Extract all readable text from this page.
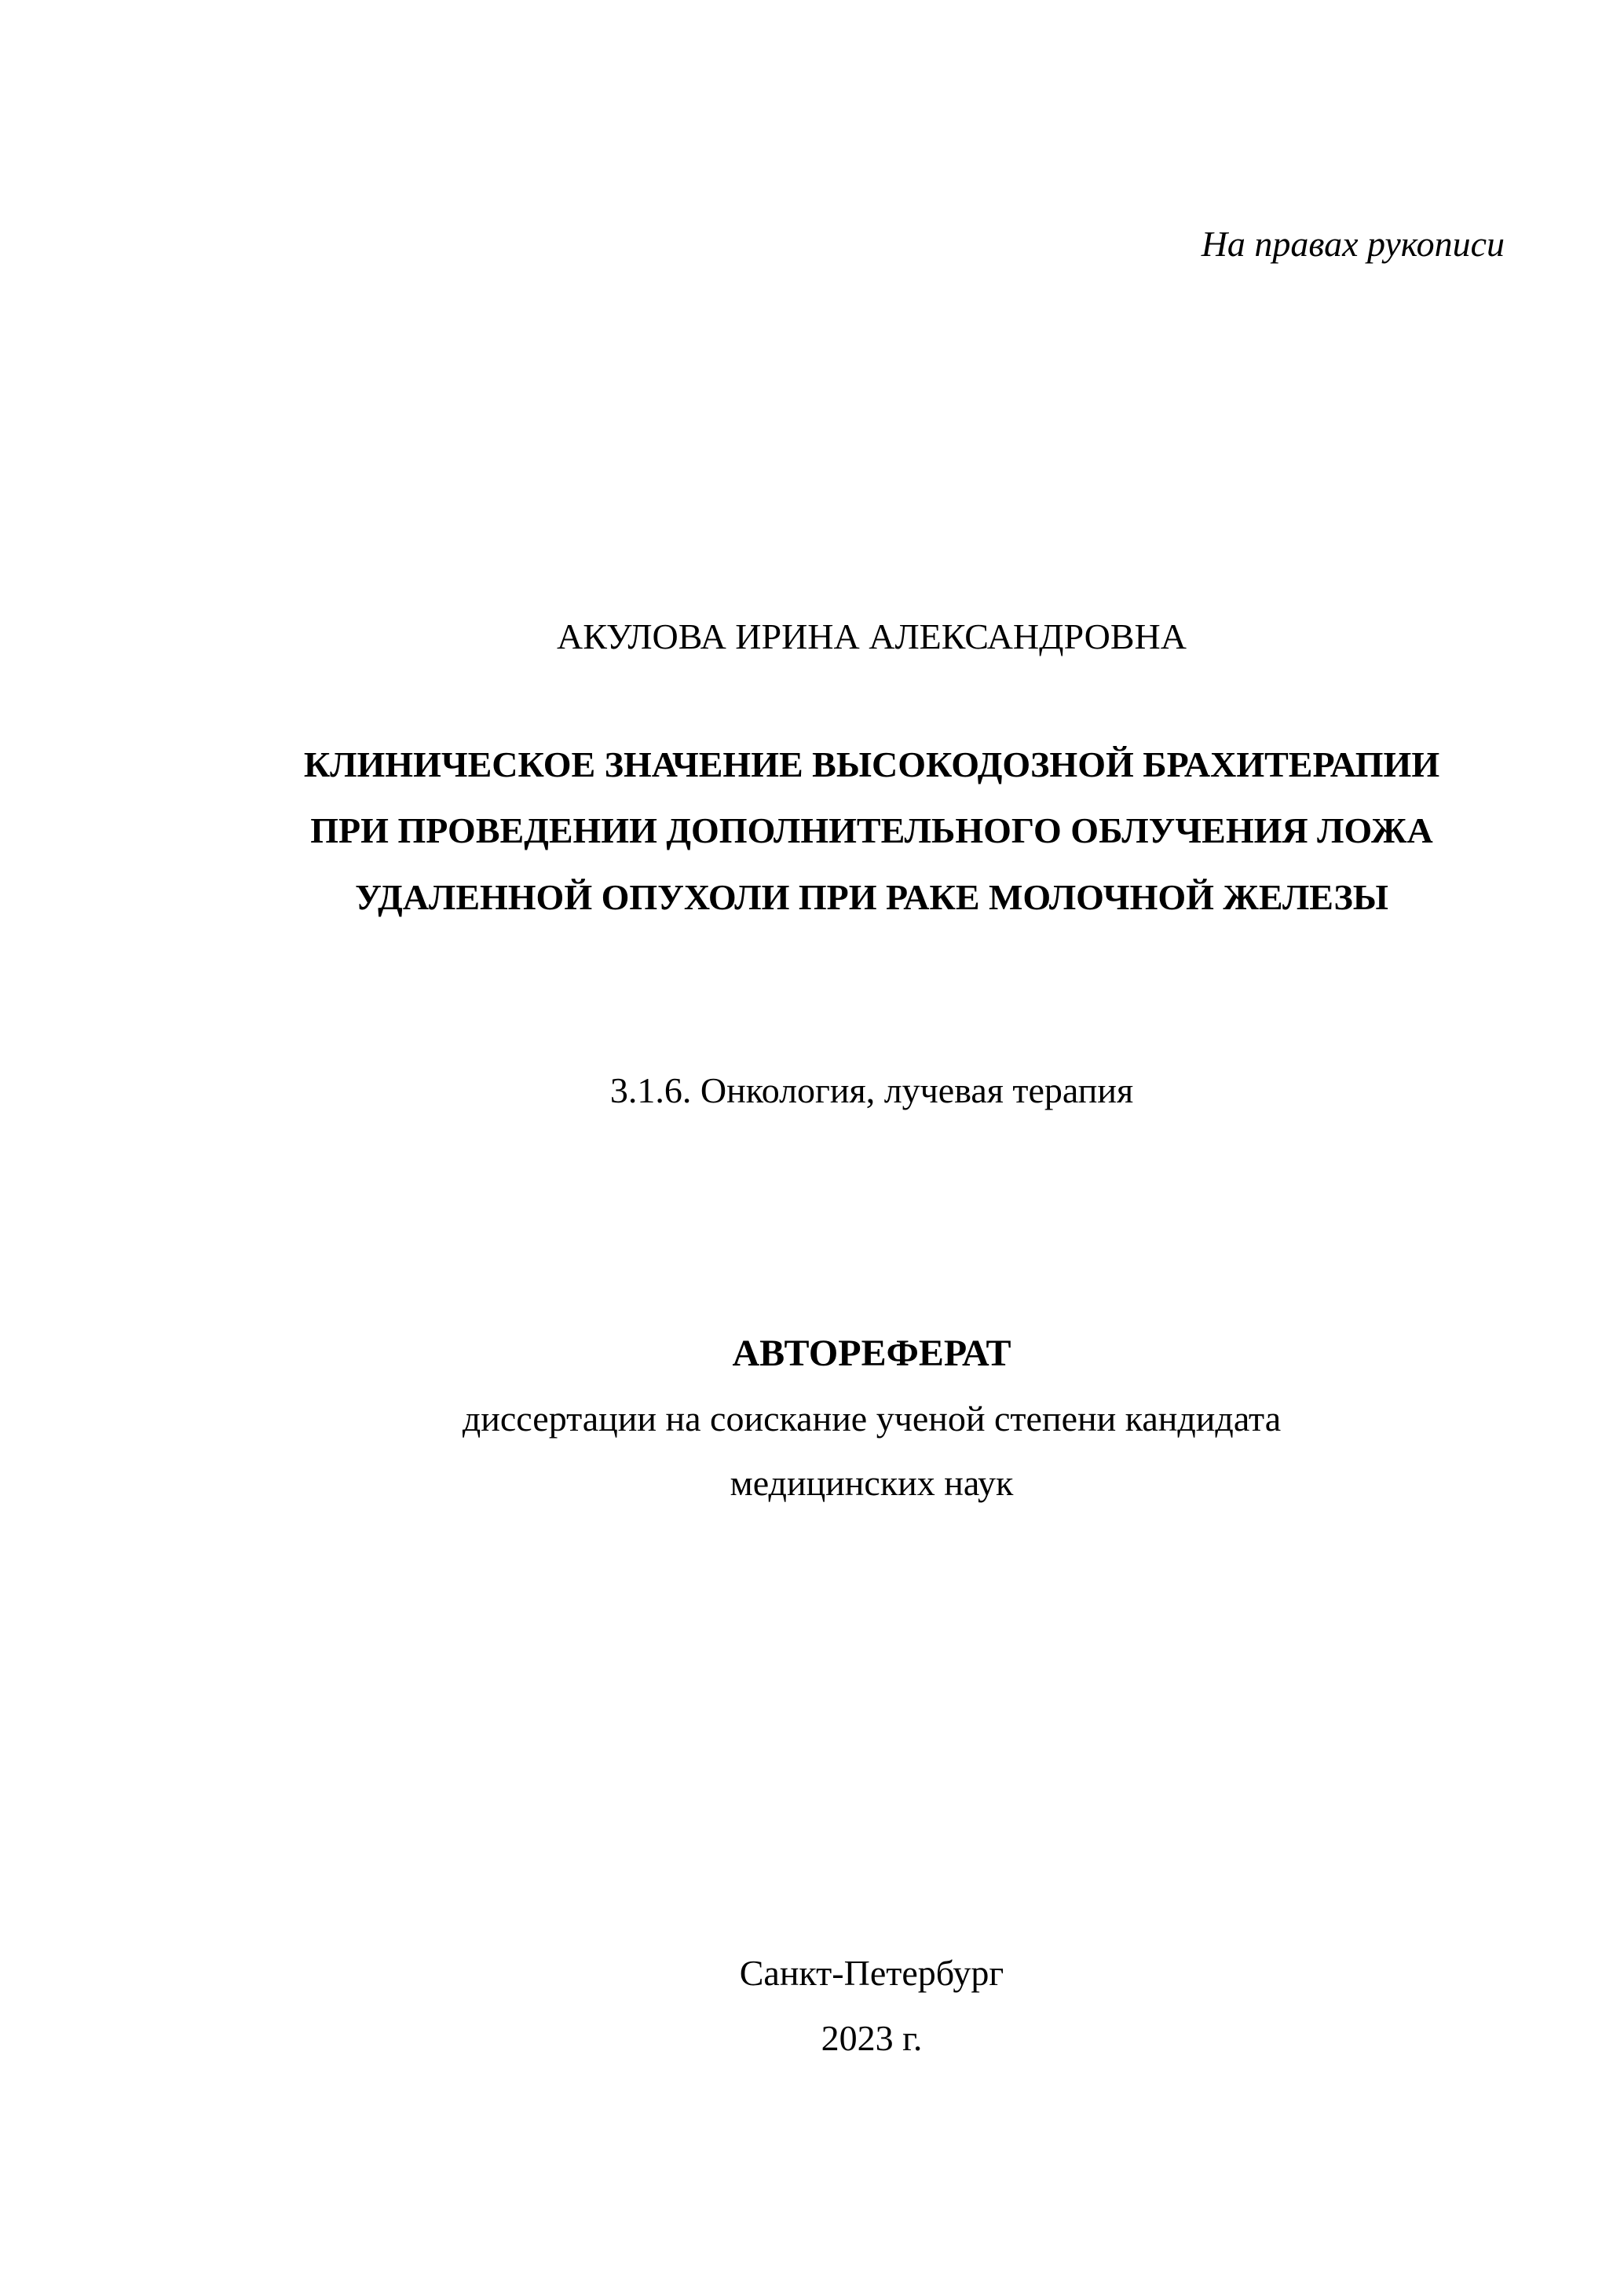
На правах рукописи
АКУЛОВА ИРИНА АЛЕКСАНДРОВНА
КЛИНИЧЕСКОЕ ЗНАЧЕНИЕ ВЫСОКОДОЗНОЙ БРАХИТЕРАПИИ
ПРИ ПРОВЕДЕНИИ ДОПОЛНИТЕЛЬНОГО ОБЛУЧЕНИЯ ЛОЖА
УДАЛЕННОЙ ОПУХОЛИ ПРИ РАКЕ МОЛОЧНОЙ ЖЕЛЕЗЫ
3.1.6. Онкология, лучевая терапия
АВТОРЕФЕРАТ
диссертации на соискание ученой степени кандидата
медицинских наук
Санкт-Петербург
2023 г.
